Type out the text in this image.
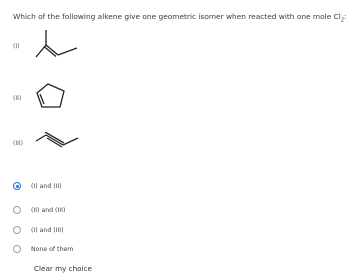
Which of the following alkene give one geometric isomer when reacted with one mole $Cl_2$:
(I)
(II)
(III)
(I) and (II)
(II) and (III)
(I) and (III)
None of them
Clear my choice
